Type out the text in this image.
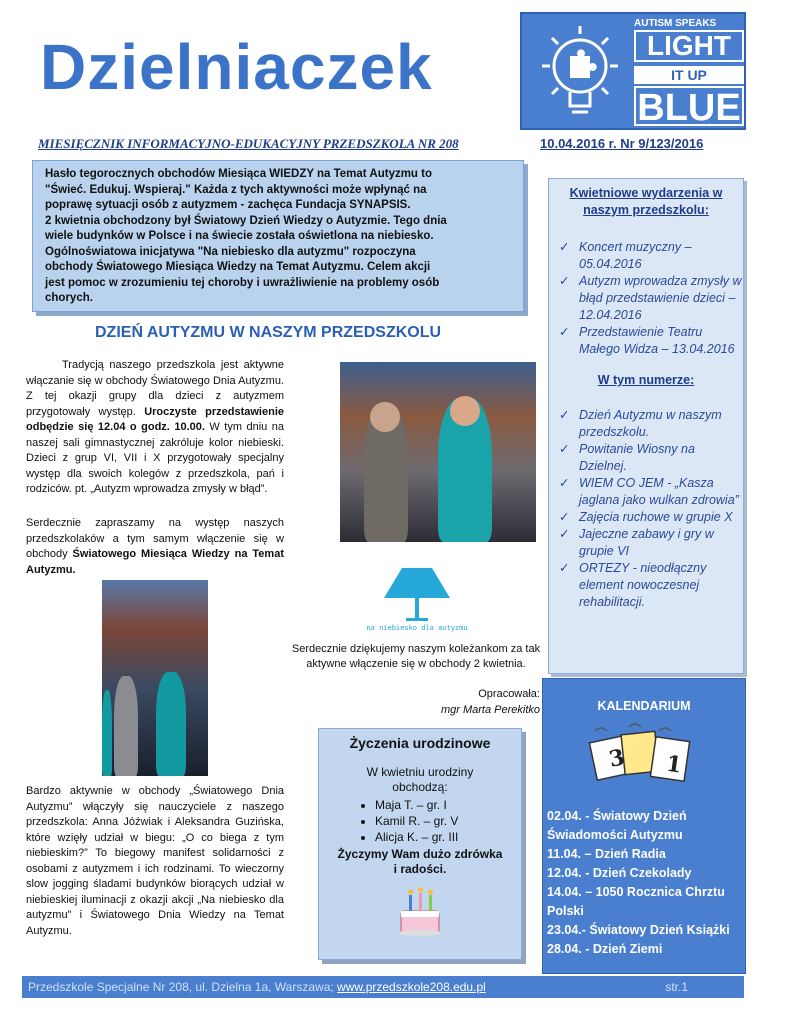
Dzielniaczek
AUTISM SPEAKS
LIGHT
IT UP
BLUE
MIESIĘCZNIK INFORMACYJNO-EDUKACYJNY PRZEDSZKOLA NR 208	10.04.2016 r. Nr 9/123/2016
Hasło tegorocznych obchodów Miesiąca WIEDZY na Temat Autyzmu to
"Świeć. Edukuj. Wspieraj." Każda z tych aktywności może wpłynąć na
poprawę sytuacji osób z autyzmem - zachęca Fundacja SYNAPSIS.
2 kwietnia obchodzony był Światowy Dzień Wiedzy o Autyzmie. Tego dnia
wiele budynków w Polsce i na świecie została oświetlona na niebiesko.
Ogólnoświatowa inicjatywa "Na niebiesko dla autyzmu" rozpoczyna
obchody Światowego Miesiąca Wiedzy na Temat Autyzmu. Celem akcji
jest pomoc w zrozumieniu tej choroby i uwrażliwienie na problemy osób
chorych.
DZIEŃ AUTYZMU W NASZYM PRZEDSZKOLU
Tradycją naszego przedszkola jest aktywne włączanie się w obchody Światowego Dnia Autyzmu. Z tej okazji grupy dla dzieci z autyzmem przygotowały występ. Uroczyste przedstawienie odbędzie się 12.04 o godz. 10.00. W tym dniu na naszej sali gimnastycznej zakróluje kolor niebieski. Dzieci z grup VI, VII i X przygotowały specjalny występ dla swoich kolegów z przedszkola, pań i rodziców. pt. „Autyzm wprowadza zmysły w błąd”.
Serdecznie zapraszamy na występ naszych przedszkolaków a tym samym włączenie się w obchody Światowego Miesiąca Wiedzy na Temat Autyzmu.
Bardzo aktywnie w obchody „Światowego Dnia Autyzmu” włączyły się nauczyciele z naszego przedszkola: Anna Jóźwiak i Aleksandra Guzińska, które wzięły udział w biegu: „O co biega z tym niebieskim?” To biegowy manifest solidarności z osobami z autyzmem i ich rodzinami. To wieczorny slow jogging śladami budynków biorących udział w niebieskiej iluminacji z okazji akcji „Na niebiesko dla autyzmu” i Światowego Dnia Wiedzy na Temat Autyzmu.
na niebiesko dla autyzmu
Serdecznie dziękujemy naszym koleżankom za tak aktywne włączenie się w obchody 2 kwietnia.
Opracowała:
mgr Marta Perekitko
Życzenia urodzinowe
W kwietniu urodziny obchodzą:
• Maja T. – gr. I
• Kamil R. – gr. V
• Alicja K. – gr. III
Życzymy Wam dużo zdrówka i radości.
Kwietniowe wydarzenia w naszym przedszkolu:
✓ Koncert muzyczny – 05.04.2016
✓ Autyzm wprowadza zmysły w błąd przedstawienie dzieci – 12.04.2016
✓ Przedstawienie Teatru Małego Widza – 13.04.2016
W tym numerze:
✓ Dzień Autyzmu w naszym przedszkolu.
✓ Powitanie Wiosny na Dzielnej.
✓ WIEM CO JEM - „Kasza jaglana jako wulkan zdrowia”
✓ Zajęcia ruchowe w grupie X
✓ Jajeczne zabawy i gry w grupie VI
✓ ORTEZY - nieodłączny element nowoczesnej rehabilitacji.
KALENDARIUM
3 1
02.04. - Światowy Dzień Świadomości Autyzmu
11.04. – Dzień Radia
12.04. - Dzień Czekolady
14.04. – 1050 Rocznica Chrztu Polski
23.04.- Światowy Dzień Książki
28.04. - Dzień Ziemi
Przedszkole Specjalne Nr 208, ul. Dzielna 1a, Warszawa; www.przedszkole208.edu.pl	str.1
